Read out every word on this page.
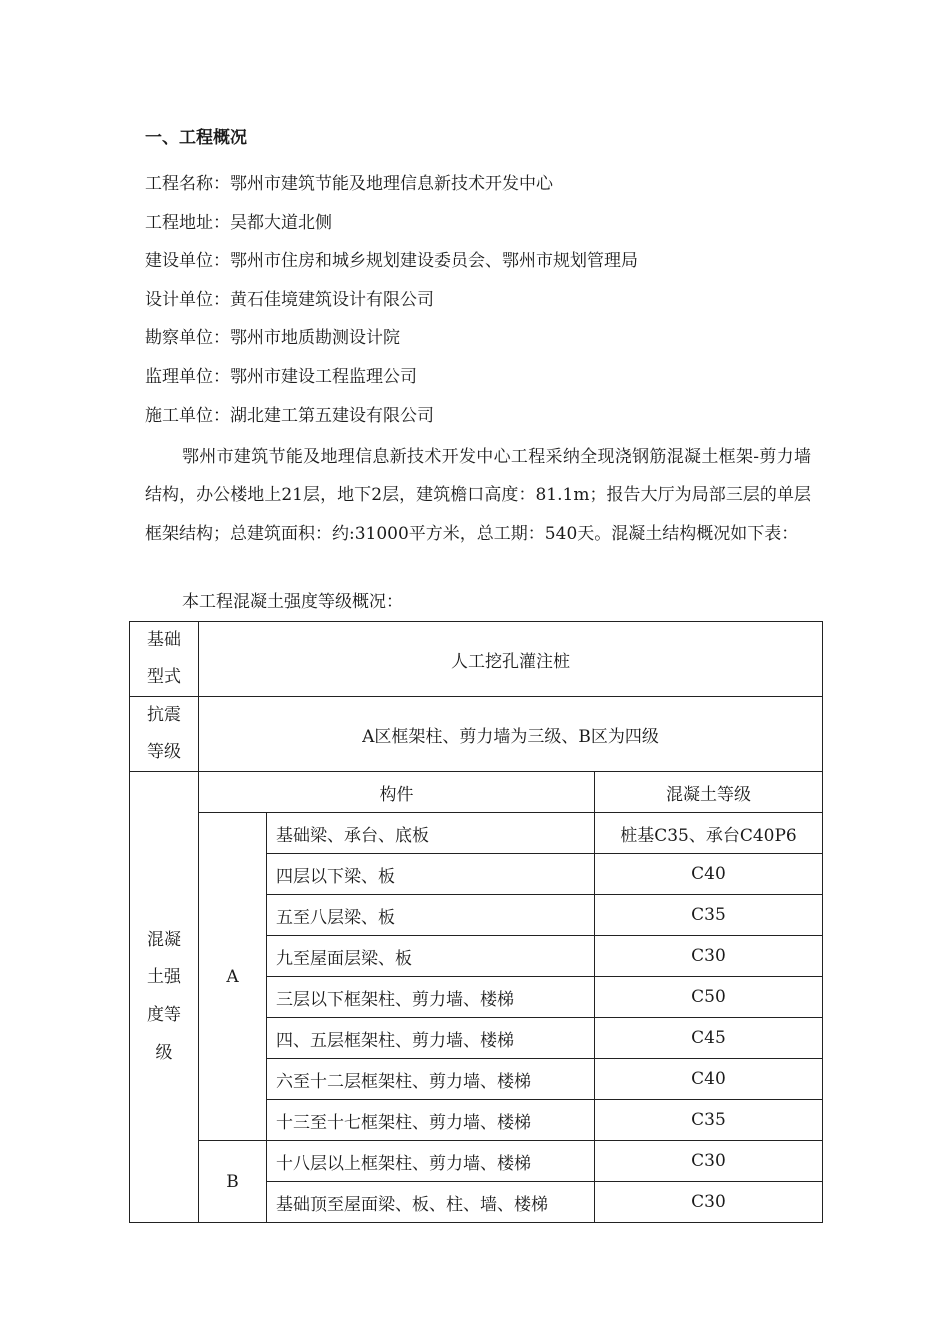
一、工程概况
工程名称：鄂州市建筑节能及地理信息新技术开发中心
工程地址：吴都大道北侧
建设单位：鄂州市住房和城乡规划建设委员会、鄂州市规划管理局
设计单位：黄石佳境建筑设计有限公司
勘察单位：鄂州市地质勘测设计院
监理单位：鄂州市建设工程监理公司
施工单位：湖北建工第五建设有限公司

鄂州市建筑节能及地理信息新技术开发中心工程采纳全现浇钢筋混凝土框架-剪力墙结构，办公楼地上21层，地下2层，建筑檐口高度：81.1m；报告大厅为局部三层的单层框架结构；总建筑面积：约:31000平方米，总工期：540天。混凝土结构概况如下表：

本工程混凝土强度等级概况：
基础
型式	人工挖孔灌注桩		
抗震
等级	A区框架柱、剪力墙为三级、B区为四级		
混凝
土强
度等
级	构件		混凝土等级
	A	基础梁、承台、底板	桩基C35、承台C40P6
		四层以下梁、板	C40
		五至八层梁、板	C35
		九至屋面层梁、板	C30
		三层以下框架柱、剪力墙、楼梯	C50
		四、五层框架柱、剪力墙、楼梯	C45
		六至十二层框架柱、剪力墙、楼梯	C40
		十三至十七框架柱、剪力墙、楼梯	C35
	B	十八层以上框架柱、剪力墙、楼梯	C30
		基础顶至屋面梁、板、柱、墙、楼梯	C30
